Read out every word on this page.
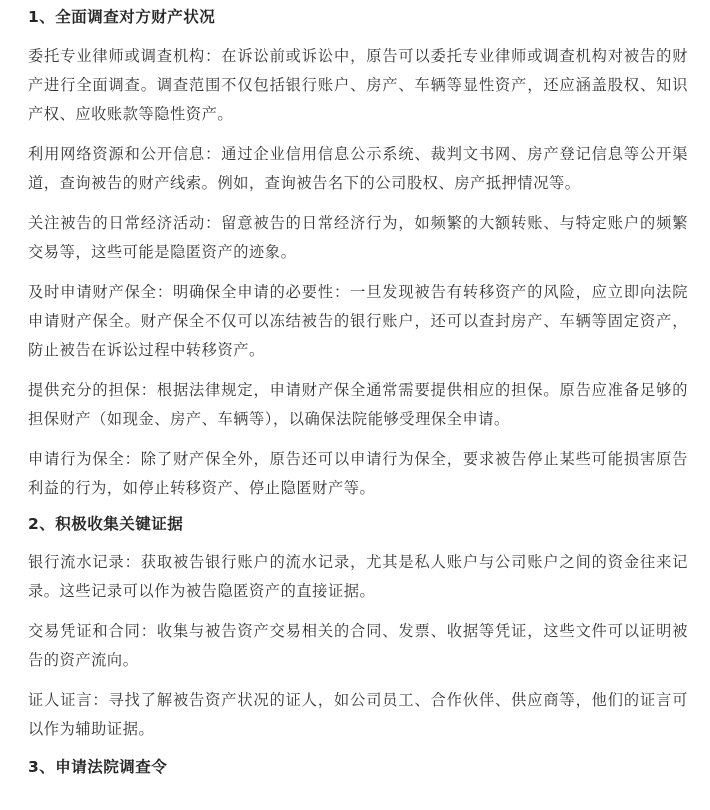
1、全面调查对方财产状况

委托专业律师或调查机构：在诉讼前或诉讼中，原告可以委托专业律师或调查机构对被告的财产进行全面调查。调查范围不仅包括银行账户、房产、车辆等显性资产，还应涵盖股权、知识产权、应收账款等隐性资产。

利用网络资源和公开信息：通过企业信用信息公示系统、裁判文书网、房产登记信息等公开渠道，查询被告的财产线索。例如，查询被告名下的公司股权、房产抵押情况等。

关注被告的日常经济活动：留意被告的日常经济行为，如频繁的大额转账、与特定账户的频繁交易等，这些可能是隐匿资产的迹象。

及时申请财产保全：明确保全申请的必要性：一旦发现被告有转移资产的风险，应立即向法院申请财产保全。财产保全不仅可以冻结被告的银行账户，还可以查封房产、车辆等固定资产，防止被告在诉讼过程中转移资产。

提供充分的担保：根据法律规定，申请财产保全通常需要提供相应的担保。原告应准备足够的担保财产（如现金、房产、车辆等），以确保法院能够受理保全申请。

申请行为保全：除了财产保全外，原告还可以申请行为保全，要求被告停止某些可能损害原告利益的行为，如停止转移资产、停止隐匿财产等。

2、积极收集关键证据

银行流水记录：获取被告银行账户的流水记录，尤其是私人账户与公司账户之间的资金往来记录。这些记录可以作为被告隐匿资产的直接证据。

交易凭证和合同：收集与被告资产交易相关的合同、发票、收据等凭证，这些文件可以证明被告的资产流向。

证人证言：寻找了解被告资产状况的证人，如公司员工、合作伙伴、供应商等，他们的证言可以作为辅助证据。

3、申请法院调查令
